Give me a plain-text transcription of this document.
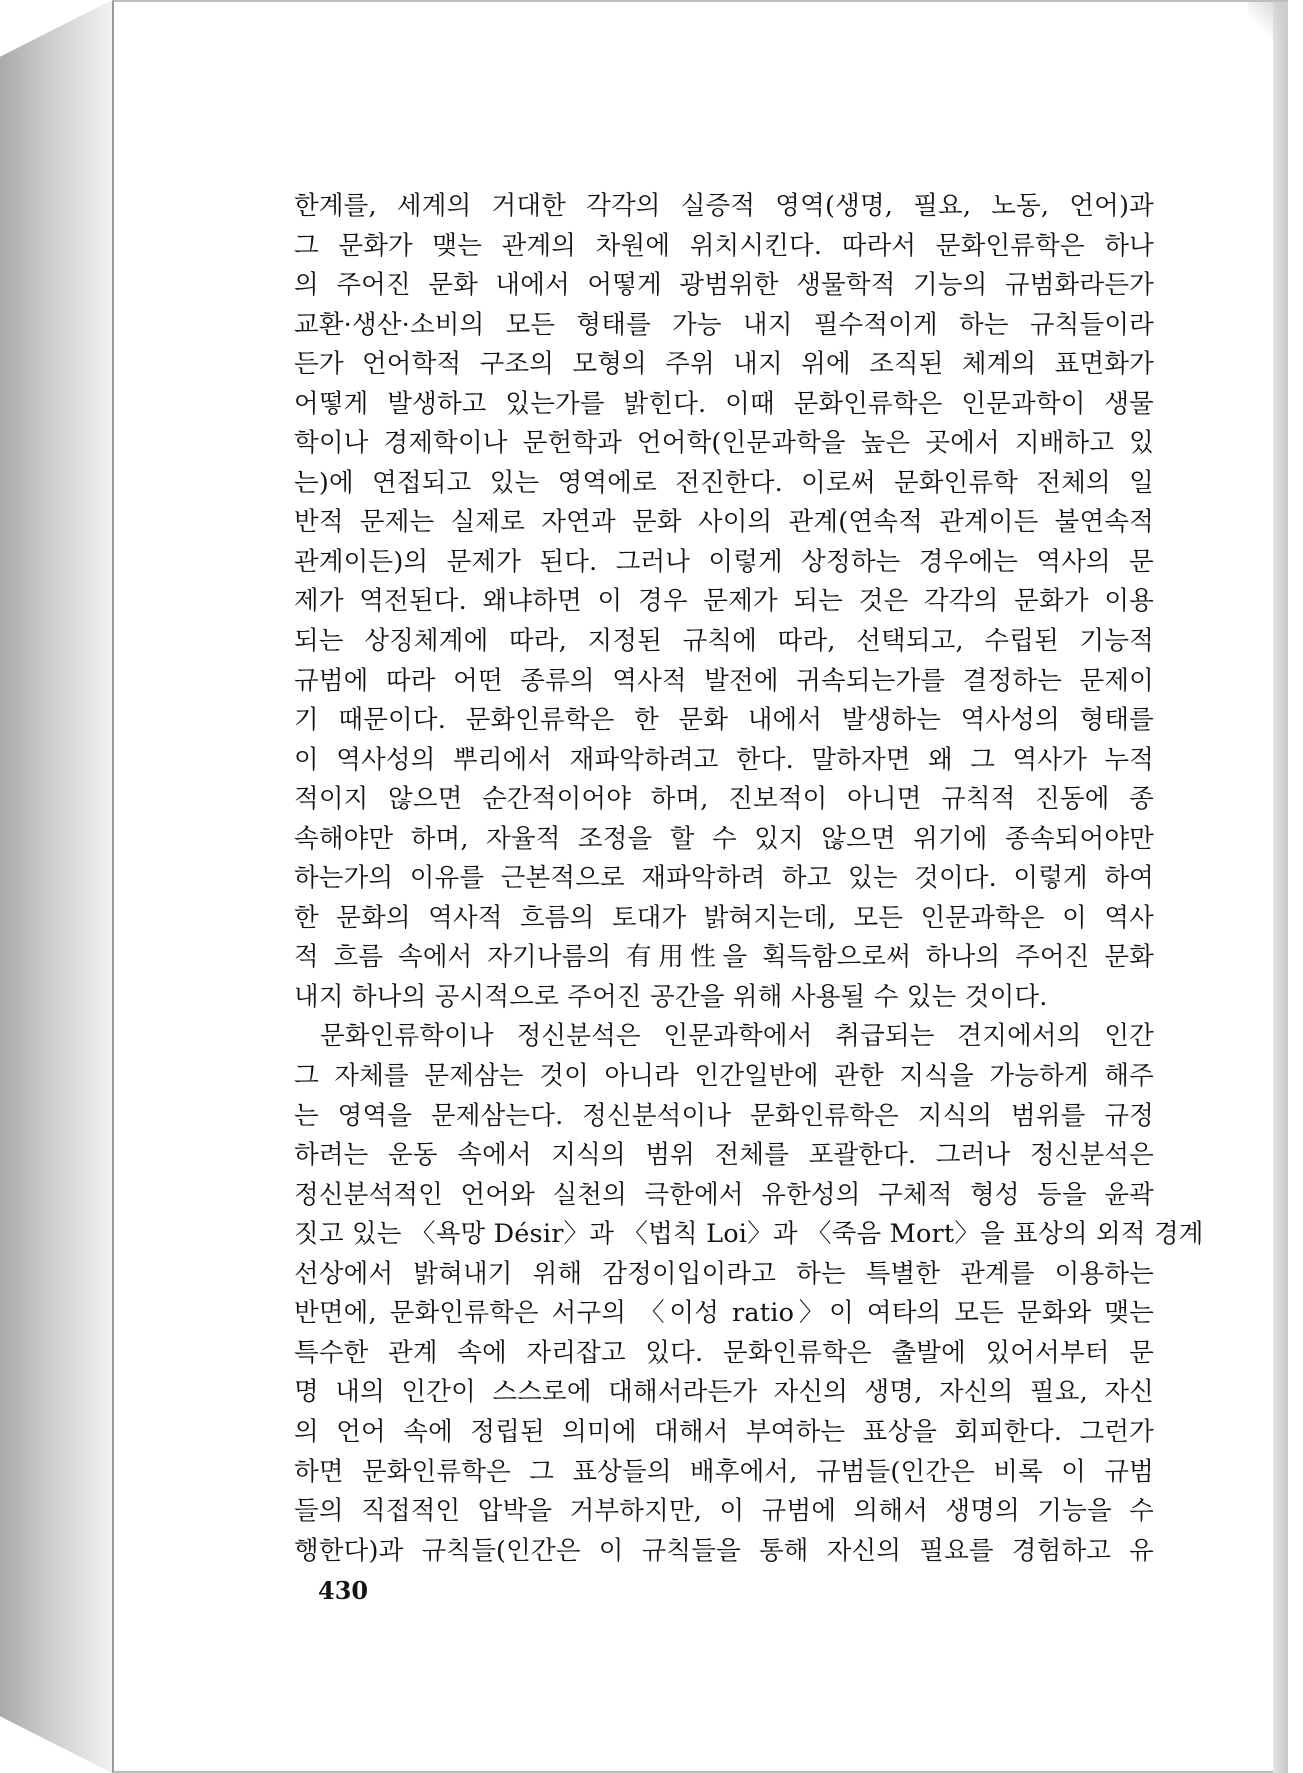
한계를, 세계의 거대한 각각의 실증적 영역(생명, 필요, 노동, 언어)과
그 문화가 맺는 관계의 차원에 위치시킨다. 따라서 문화인류학은 하나
의 주어진 문화 내에서 어떻게 광범위한 생물학적 기능의 규범화라든가
교환·생산·소비의 모든 형태를 가능 내지 필수적이게 하는 규칙들이라
든가 언어학적 구조의 모형의 주위 내지 위에 조직된 체계의 표면화가
어떻게 발생하고 있는가를 밝힌다. 이때 문화인류학은 인문과학이 생물
학이나 경제학이나 문헌학과 언어학(인문과학을 높은 곳에서 지배하고 있
는)에 연접되고 있는 영역에로 전진한다. 이로써 문화인류학 전체의 일
반적 문제는 실제로 자연과 문화 사이의 관계(연속적 관계이든 불연속적
관계이든)의 문제가 된다. 그러나 이렇게 상정하는 경우에는 역사의 문
제가 역전된다. 왜냐하면 이 경우 문제가 되는 것은 각각의 문화가 이용
되는 상징체계에 따라, 지정된 규칙에 따라, 선택되고, 수립된 기능적
규범에 따라 어떤 종류의 역사적 발전에 귀속되는가를 결정하는 문제이
기 때문이다. 문화인류학은 한 문화 내에서 발생하는 역사성의 형태를
이 역사성의 뿌리에서 재파악하려고 한다. 말하자면 왜 그 역사가 누적
적이지 않으면 순간적이어야 하며, 진보적이 아니면 규칙적 진동에 종
속해야만 하며, 자율적 조정을 할 수 있지 않으면 위기에 종속되어야만
하는가의 이유를 근본적으로 재파악하려 하고 있는 것이다. 이렇게 하여
한 문화의 역사적 흐름의 토대가 밝혀지는데, 모든 인문과학은 이 역사
적 흐름 속에서 자기나름의 有用性을 획득함으로써 하나의 주어진 문화
내지 하나의 공시적으로 주어진 공간을 위해 사용될 수 있는 것이다.
문화인류학이나 정신분석은 인문과학에서 취급되는 견지에서의 인간
그 자체를 문제삼는 것이 아니라 인간일반에 관한 지식을 가능하게 해주
는 영역을 문제삼는다. 정신분석이나 문화인류학은 지식의 범위를 규정
하려는 운동 속에서 지식의 범위 전체를 포괄한다. 그러나 정신분석은
정신분석적인 언어와 실천의 극한에서 유한성의 구체적 형성 등을 윤곽
짓고 있는 〈욕망 Désir〉과 〈법칙 Loi〉과 〈죽음 Mort〉을 표상의 외적 경계
선상에서 밝혀내기 위해 감정이입이라고 하는 특별한 관계를 이용하는
반면에, 문화인류학은 서구의 〈이성 ratio〉이 여타의 모든 문화와 맺는
특수한 관계 속에 자리잡고 있다. 문화인류학은 출발에 있어서부터 문
명 내의 인간이 스스로에 대해서라든가 자신의 생명, 자신의 필요, 자신
의 언어 속에 정립된 의미에 대해서 부여하는 표상을 회피한다. 그런가
하면 문화인류학은 그 표상들의 배후에서, 규범들(인간은 비록 이 규범
들의 직접적인 압박을 거부하지만, 이 규범에 의해서 생명의 기능을 수
행한다)과 규칙들(인간은 이 규칙들을 통해 자신의 필요를 경험하고 유
430
